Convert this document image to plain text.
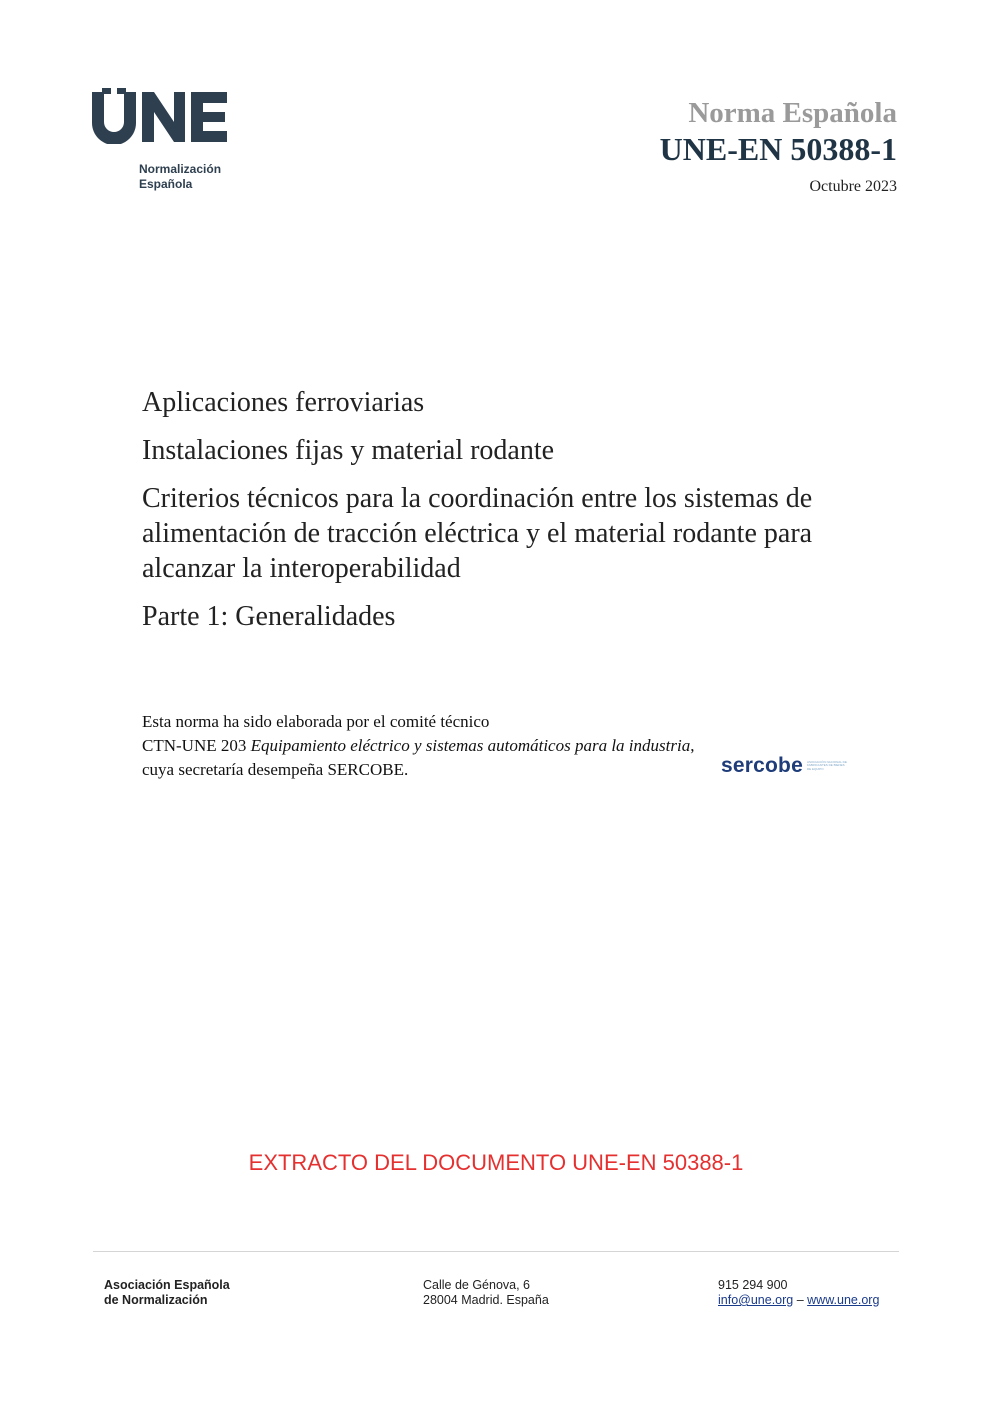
Normalización
Española
Norma Española
UNE-EN 50388-1
Octubre 2023

Aplicaciones ferroviarias

Instalaciones fijas y material rodante

Criterios técnicos para la coordinación entre los sistemas de alimentación de tracción eléctrica y el material rodante para alcanzar la interoperabilidad

Parte 1: Generalidades

Esta norma ha sido elaborada por el comité técnico
CTN-UNE 203 Equipamiento eléctrico y sistemas automáticos para la industria, cuya secretaría desempeña SERCOBE.	sercobe ASOCIACIÓN NACIONAL DE FABRICANTES DE BIENES DE EQUIPO
EXTRACTO DEL DOCUMENTO UNE-EN 50388-1
Asociación Española
de Normalización
Calle de Génova, 6
28004 Madrid. España
915 294 900
info@une.org – www.une.org
